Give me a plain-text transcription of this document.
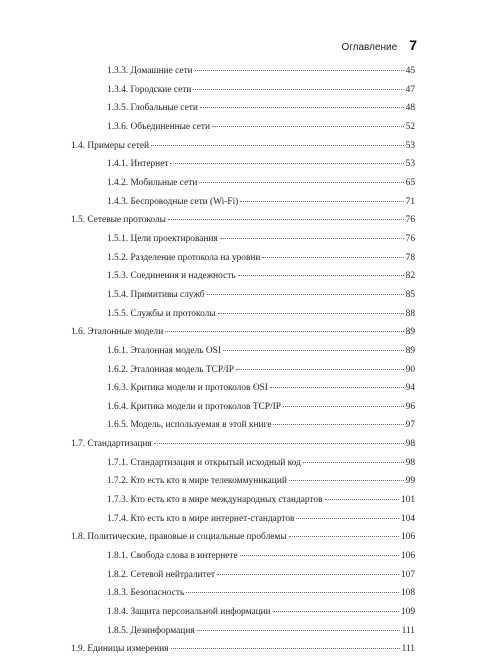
Оглавление 7
1.3.3. Домашние сети	45
1.3.4. Городские сети	47
1.3.5. Глобальные сети	48
1.3.6. Объединенные сети	52
1.4. Примеры сетей	53
1.4.1. Интернет	53
1.4.2. Мобильные сети	65
1.4.3. Беспроводные сети (Wi-Fi)	71
1.5. Сетевые протоколы	76
1.5.1. Цели проектирования	76
1.5.2. Разделение протокола на уровни	78
1.5.3. Соединения и надежность	82
1.5.4. Примитивы служб	85
1.5.5. Службы и протоколы	88
1.6. Эталонные модели	89
1.6.1. Эталонная модель OSI	89
1.6.2. Эталонная модель TCP/IP	90
1.6.3. Критика модели и протоколов OSI	94
1.6.4. Критика модели и протоколов TCP/IP	96
1.6.5. Модель, используемая в этой книге	97
1.7. Стандартизация	98
1.7.1. Стандартизация и открытый исходный код	98
1.7.2. Кто есть кто в мире телекоммуникаций	99
1.7.3. Кто есть кто в мире международных стандартов	101
1.7.4. Кто есть кто в мире интернет-стандартов	104
1.8. Политические, правовые и социальные проблемы	106
1.8.1. Свобода слова в интернете	106
1.8.2. Сетевой нейтралитет	107
1.8.3. Безопасность	108
1.8.4. Защита персональной информации	109
1.8.5. Дезинформация	111
1.9. Единицы измерения	111
